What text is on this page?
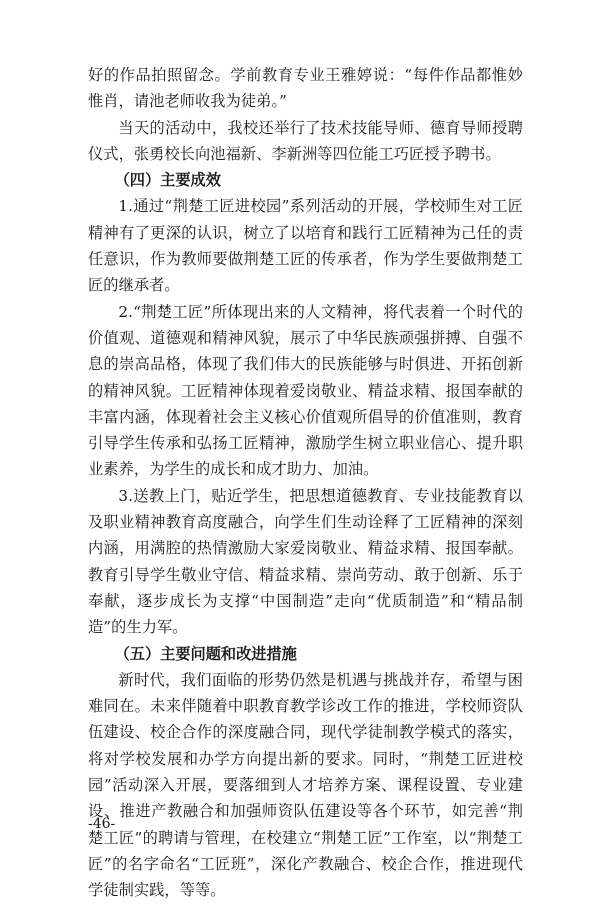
好的作品拍照留念。学前教育专业王雅婷说：“每件作品都惟妙惟肖，请池老师收我为徒弟。”

当天的活动中，我校还举行了技术技能导师、德育导师授聘仪式，张勇校长向池福新、李新洲等四位能工巧匠授予聘书。

（四）主要成效

1.通过“荆楚工匠进校园”系列活动的开展，学校师生对工匠精神有了更深的认识，树立了以培育和践行工匠精神为己任的责任意识，作为教师要做荆楚工匠的传承者，作为学生要做荆楚工匠的继承者。

2.“荆楚工匠”所体现出来的人文精神，将代表着一个时代的价值观、道德观和精神风貌，展示了中华民族顽强拼搏、自强不息的崇高品格，体现了我们伟大的民族能够与时俱进、开拓创新的精神风貌。工匠精神体现着爱岗敬业、精益求精、报国奉献的丰富内涵，体现着社会主义核心价值观所倡导的价值准则，教育引导学生传承和弘扬工匠精神，激励学生树立职业信心、提升职业素养，为学生的成长和成才助力、加油。

3.送教上门，贴近学生，把思想道德教育、专业技能教育以及职业精神教育高度融合，向学生们生动诠释了工匠精神的深刻内涵，用满腔的热情激励大家爱岗敬业、精益求精、报国奉献。教育引导学生敬业守信、精益求精、崇尚劳动、敢于创新、乐于奉献，逐步成长为支撑“中国制造”走向“优质制造”和“精品制造”的生力军。

（五）主要问题和改进措施

新时代，我们面临的形势仍然是机遇与挑战并存，希望与困难同在。未来伴随着中职教育教学诊改工作的推进，学校师资队伍建设、校企合作的深度融合同，现代学徒制教学模式的落实，将对学校发展和办学方向提出新的要求。同时，“荆楚工匠进校园”活动深入开展，要落细到人才培养方案、课程设置、专业建设、推进产教融合和加强师资队伍建设等各个环节，如完善“荆楚工匠”的聘请与管理，在校建立“荆楚工匠”工作室，以“荆楚工匠”的名字命名“工匠班”，深化产教融合、校企合作，推进现代学徒制实践，等等。

-46-
